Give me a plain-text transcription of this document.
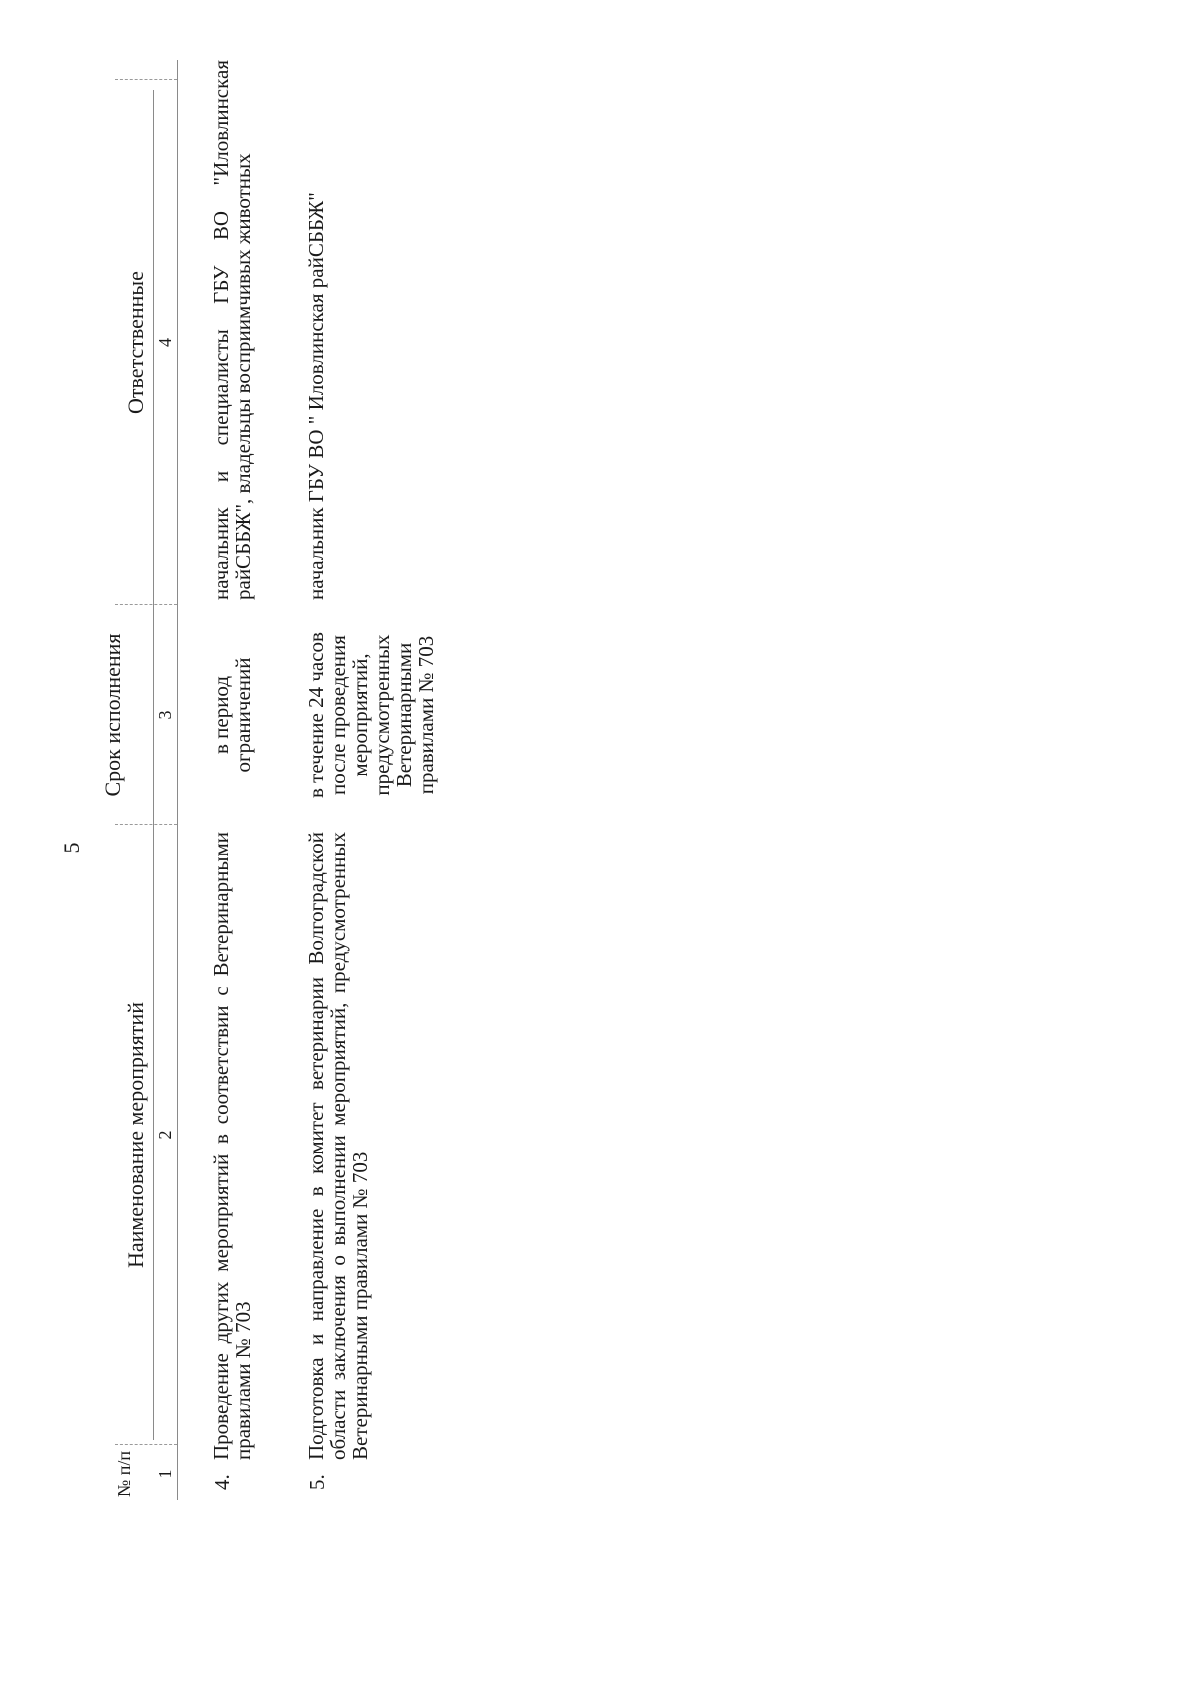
5
№ п/п
Наименование мероприятий
Срок исполнения
Ответственные
1
2
3
4
4.
Проведение других мероприятий в соответствии с Ветеринарными правилами № 703
в период ограничений
начальник и специалисты ГБУ ВО "Иловлинская райСББЖ", владельцы восприимчивых животных
5.
Подготовка и направление в комитет ветеринарии Волгоградской области заключения о выполнении мероприятий, предусмотренных Ветеринарными правилами № 703
в течение 24 часов после проведения мероприятий, предусмотренных Ветеринарными правилами № 703
начальник ГБУ ВО " Иловлинская райСББЖ"
